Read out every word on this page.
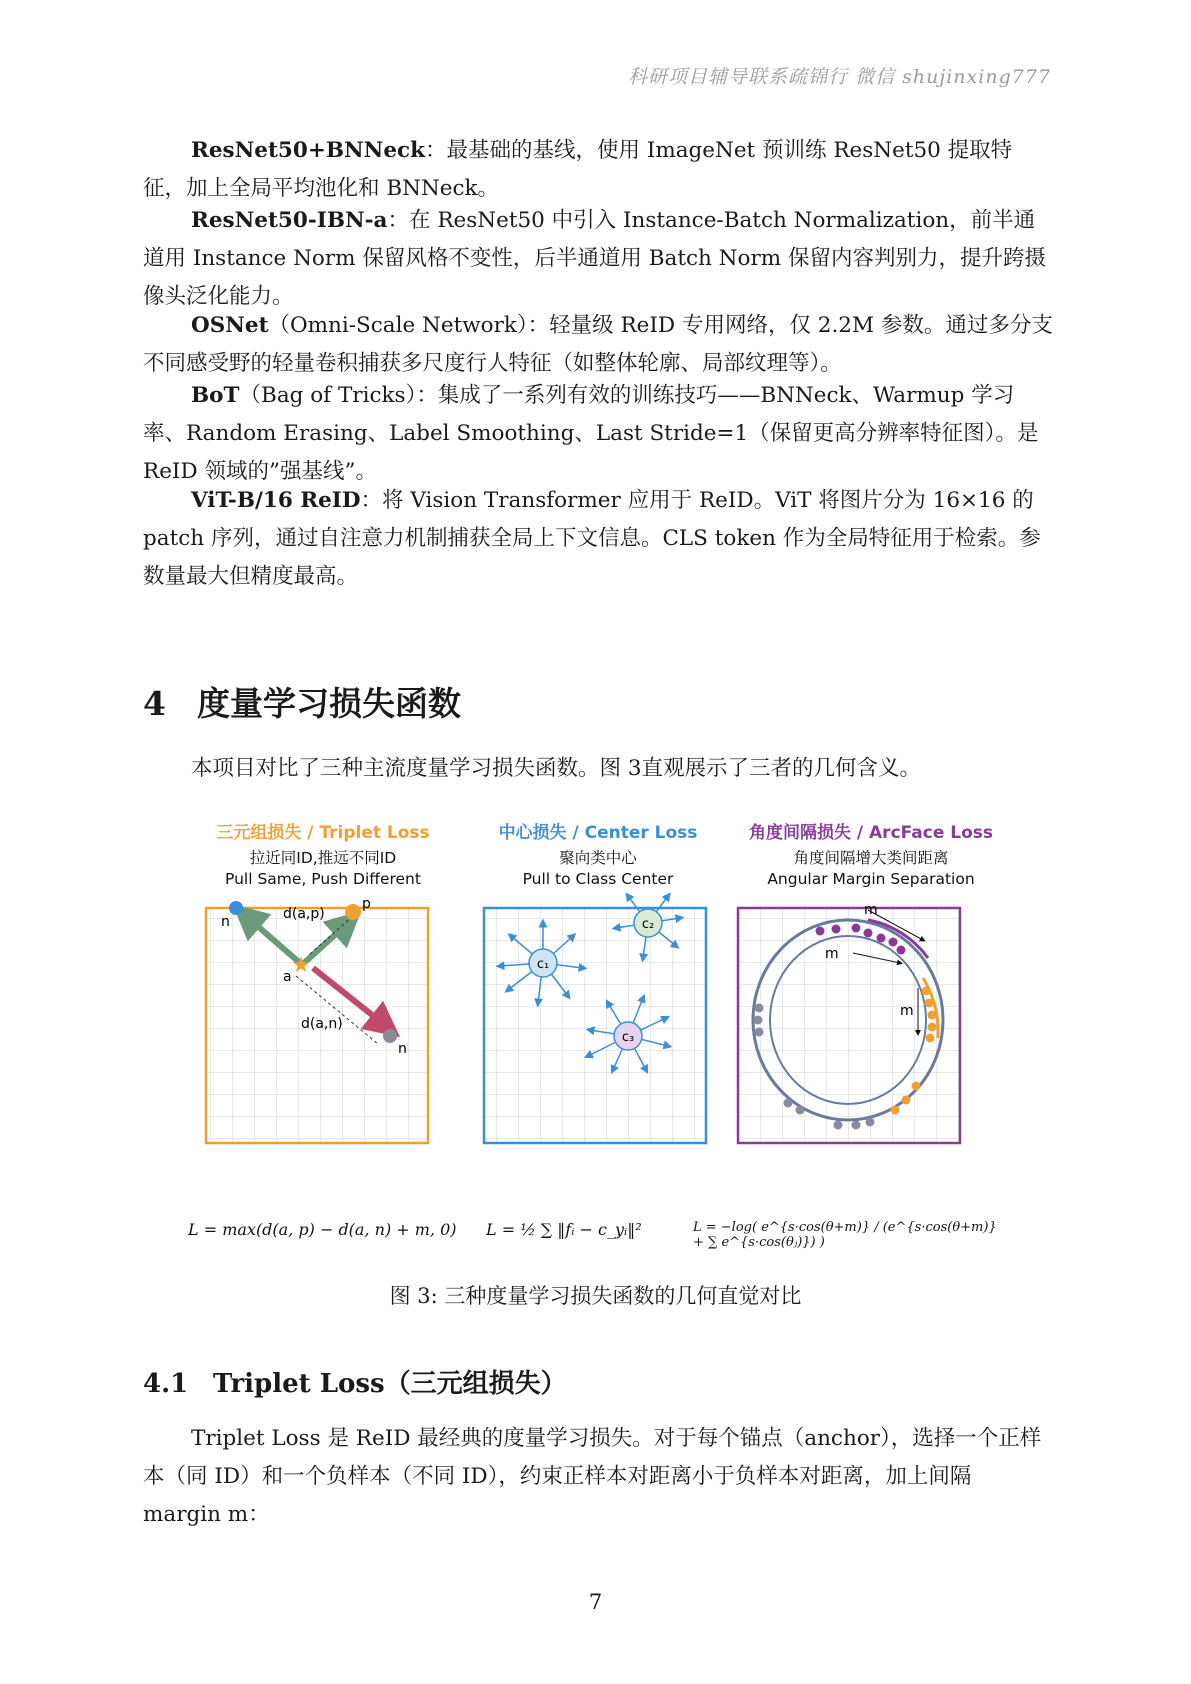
科研项目辅导联系疏锦行 微信 shujinxing777
ResNet50+BNNeck：最基础的基线，使用 ImageNet 预训练 ResNet50 提取特征，加上全局平均池化和 BNNeck。
ResNet50-IBN-a：在 ResNet50 中引入 Instance-Batch Normalization，前半通道用 Instance Norm 保留风格不变性，后半通道用 Batch Norm 保留内容判别力，提升跨摄像头泛化能力。
OSNet（Omni-Scale Network）：轻量级 ReID 专用网络，仅 2.2M 参数。通过多分支不同感受野的轻量卷积捕获多尺度行人特征（如整体轮廓、局部纹理等）。
BoT（Bag of Tricks）：集成了一系列有效的训练技巧——BNNeck、Warmup 学习率、Random Erasing、Label Smoothing、Last Stride=1（保留更高分辨率特征图）。是 ReID 领域的”强基线”。
ViT-B/16 ReID：将 Vision Transformer 应用于 ReID。ViT 将图片分为 16×16 的 patch 序列，通过自注意力机制捕获全局上下文信息。CLS token 作为全局特征用于检索。参数量最大但精度最高。
4 度量学习损失函数
本项目对比了三种主流度量学习损失函数。图 3直观展示了三者的几何含义。
三元组损失 / Triplet Loss
拉近同ID,推远不同ID
Pull Same, Push Different
中心损失 / Center Loss
聚向类中心
Pull to Class Center
角度间隔损失 / ArcFace Loss
角度间隔增大类间距离
Angular Margin Separation
★
n
p
a
d(a,p)
d(a,n)
n
c₁
c₂
c₃
m
m
m
L = max(d(a, p) − d(a, n) + m, 0) L = ½ ∑ ‖fᵢ − c_yᵢ‖²	L = −log( e^{s·cos(θ+m)} / (e^{s·cos(θ+m)} + ∑ e^{s·cos(θⱼ)}) )
图 3: 三种度量学习损失函数的几何直觉对比
4.1 Triplet Loss（三元组损失）
Triplet Loss 是 ReID 最经典的度量学习损失。对于每个锚点（anchor），选择一个正样本（同 ID）和一个负样本（不同 ID），约束正样本对距离小于负样本对距离，加上间隔 margin m：
7
